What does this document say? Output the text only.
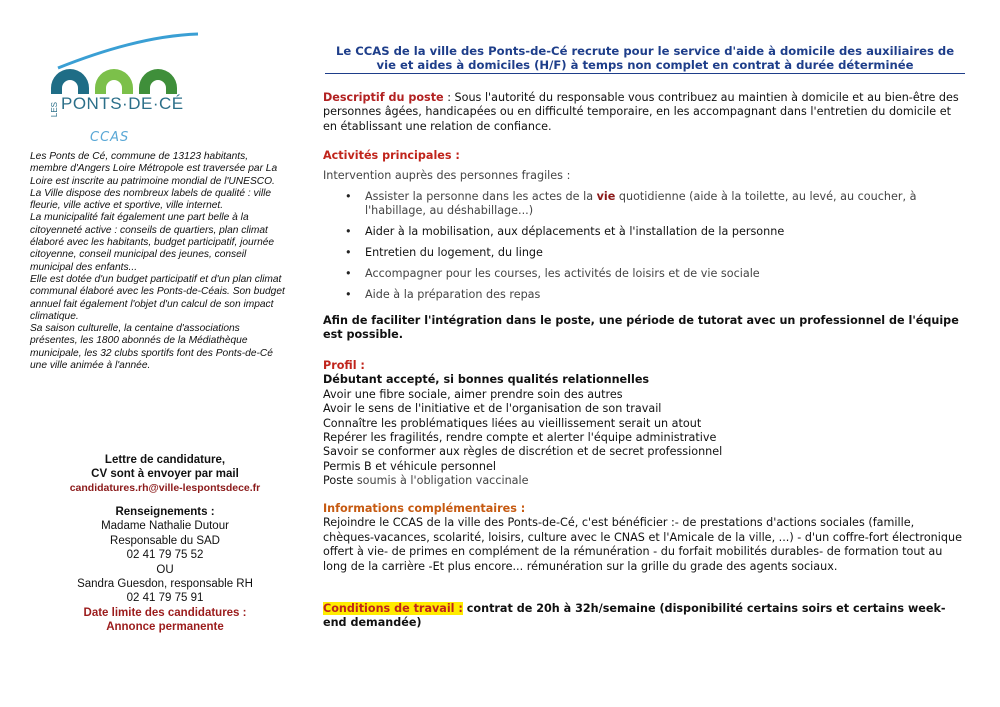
LES PONTS·DE·CÉ
CCAS

Les Ponts de Cé, commune de 13123 habitants, membre d'Angers Loire Métropole est traversée par La Loire est inscrite au patrimoine mondial de l'UNESCO.

La Ville dispose des nombreux labels de qualité : ville fleurie, ville active et sportive, ville internet.

La municipalité fait également une part belle à la citoyenneté active : conseils de quartiers, plan climat élaboré avec les habitants, budget participatif, journée citoyenne, conseil municipal des jeunes, conseil municipal des enfants...

Elle est dotée d'un budget participatif et d'un plan climat communal élaboré avec les Ponts-de-Céais. Son budget annuel fait également l'objet d'un calcul de son impact climatique.

Sa saison culturelle, la centaine d'associations présentes, les 1800 abonnés de la Médiathèque municipale, les 32 clubs sportifs font des Ponts-de-Cé une ville animée à l'année.

Lettre de candidature,
CV sont à envoyer par mail
candidatures.rh@ville-lespontsdece.fr
Renseignements :
Madame Nathalie Dutour
Responsable du SAD
02 41 79 75 52
OU
Sandra Guesdon, responsable RH
02 41 79 75 91
Date limite des candidatures :
Annonce permanente
Le CCAS de la ville des Ponts-de-Cé recrute pour le service d'aide à domicile des auxiliaires de vie et aides à domiciles (H/F) à temps non complet en contrat à durée déterminée
Descriptif du poste : Sous l'autorité du responsable vous contribuez au maintien à domicile et au bien-être des personnes âgées, handicapées ou en difficulté temporaire, en les accompagnant dans l'entretien du domicile et en établissant une relation de confiance.
Activités principales :
Intervention auprès des personnes fragiles :
• Assister la personne dans les actes de la vie quotidienne (aide à la toilette, au levé, au coucher, à l'habillage, au déshabillage...)
• Aider à la mobilisation, aux déplacements et à l'installation de la personne
• Entretien du logement, du linge
• Accompagner pour les courses, les activités de loisirs et de vie sociale
• Aide à la préparation des repas
Afin de faciliter l'intégration dans le poste, une période de tutorat avec un professionnel de l'équipe est possible.
Profil :
Débutant accepté, si bonnes qualités relationnelles
Avoir une fibre sociale, aimer prendre soin des autres
Avoir le sens de l'initiative et de l'organisation de son travail
Connaître les problématiques liées au vieillissement serait un atout
Repérer les fragilités, rendre compte et alerter l'équipe administrative
Savoir se conformer aux règles de discrétion et de secret professionnel
Permis B et véhicule personnel
Poste soumis à l'obligation vaccinale
Informations complémentaires :
Rejoindre le CCAS de la ville des Ponts-de-Cé, c'est bénéficier :- de prestations d'actions sociales (famille, chèques-vacances, scolarité, loisirs, culture avec le CNAS et l'Amicale de la ville, ...) - d'un coffre-fort électronique offert à vie- de primes en complément de la rémunération - du forfait mobilités durables- de formation tout au long de la carrière -Et plus encore... rémunération sur la grille du grade des agents sociaux.
Conditions de travail : contrat de 20h à 32h/semaine (disponibilité certains soirs et certains week-end demandée)
